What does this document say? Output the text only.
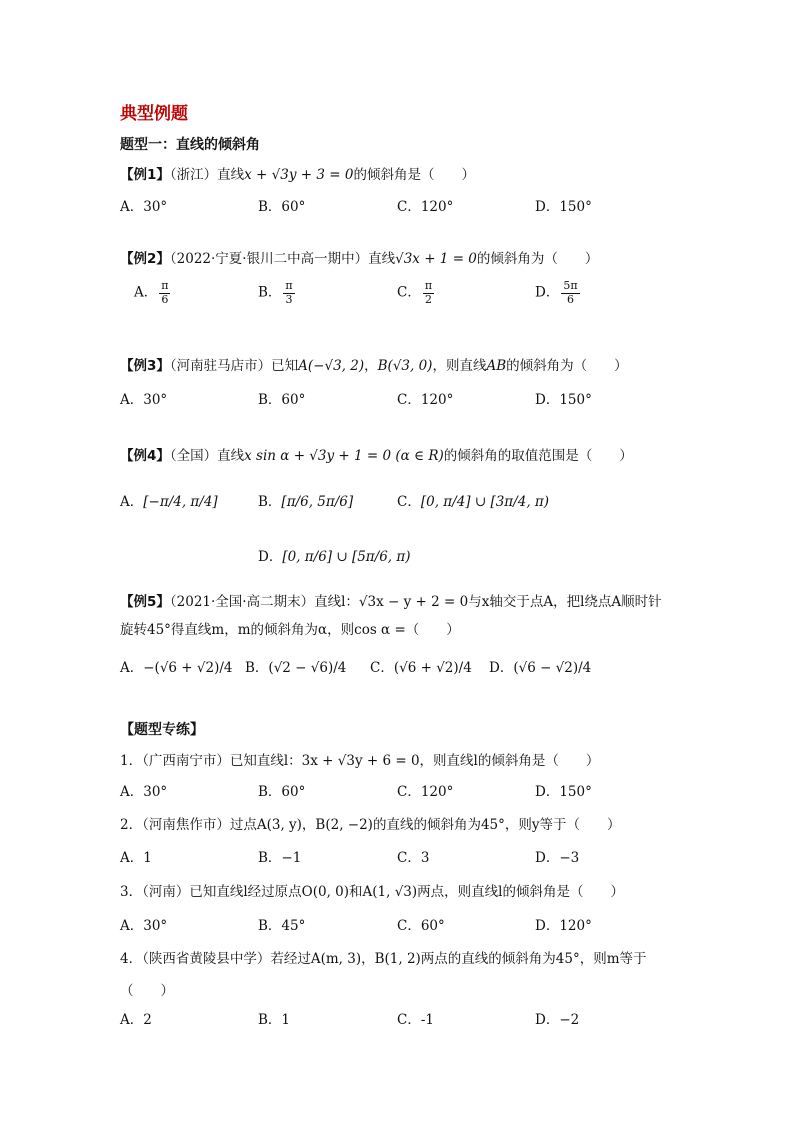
典型例题
题型一：直线的倾斜角
【例1】（浙江）直线x + √3y + 3 = 0的倾斜角是（　　）
A．30°	B．60°	C．120°	D．150°
【例2】（2022·宁夏·银川二中高一期中）直线√3x + 1 = 0的倾斜角为（　　）
A． $\frac{\pi}{6}$	B． $\frac{\pi}{3}$	C． $\frac{\pi}{2}$	D． $\frac{5\pi}{6}$
【例3】（河南驻马店市）已知A(−√3, 2)，B(√3, 0)，则直线AB的倾斜角为（　　）
A．30°	B．60°	C．120°	D．150°
【例4】（全国）直线x sin α + √3y + 1 = 0 (α ∈ R)的倾斜角的取值范围是（　　）
A．[−π/4, π/4]	B．[π/6, 5π/6]	C．[0, π/4] ∪ [3π/4, π)
D．[0, π/6] ∪ [5π/6, π)
【例5】（2021·全国·高二期末）直线l：√3x − y + 2 = 0与x轴交于点A，把l绕点A顺时针
旋转45°得直线m，m的倾斜角为α，则cos α =（　　）
A．−(√6 + √2)/4 B．(√2 − √6)/4 C．(√6 + √2)/4 D．(√6 − √2)/4
【题型专练】
1．（广西南宁市）已知直线l：3x + √3y + 6 = 0，则直线l的倾斜角是（　　）
A．30°	B．60°	C．120°	D．150°
2．（河南焦作市）过点A(3, y)，B(2, −2)的直线的倾斜角为45°，则y等于（　　）
A．1	B．−1	C．3	D．−3
3．（河南）已知直线l经过原点O(0, 0)和A(1, √3)两点，则直线l的倾斜角是（　　）
A．30°	B．45°	C．60°	D．120°
4．（陕西省黄陵县中学）若经过A(m, 3)，B(1, 2)两点的直线的倾斜角为45°，则m等于
（　　）
A．2	B．1	C．-1	D．−2
